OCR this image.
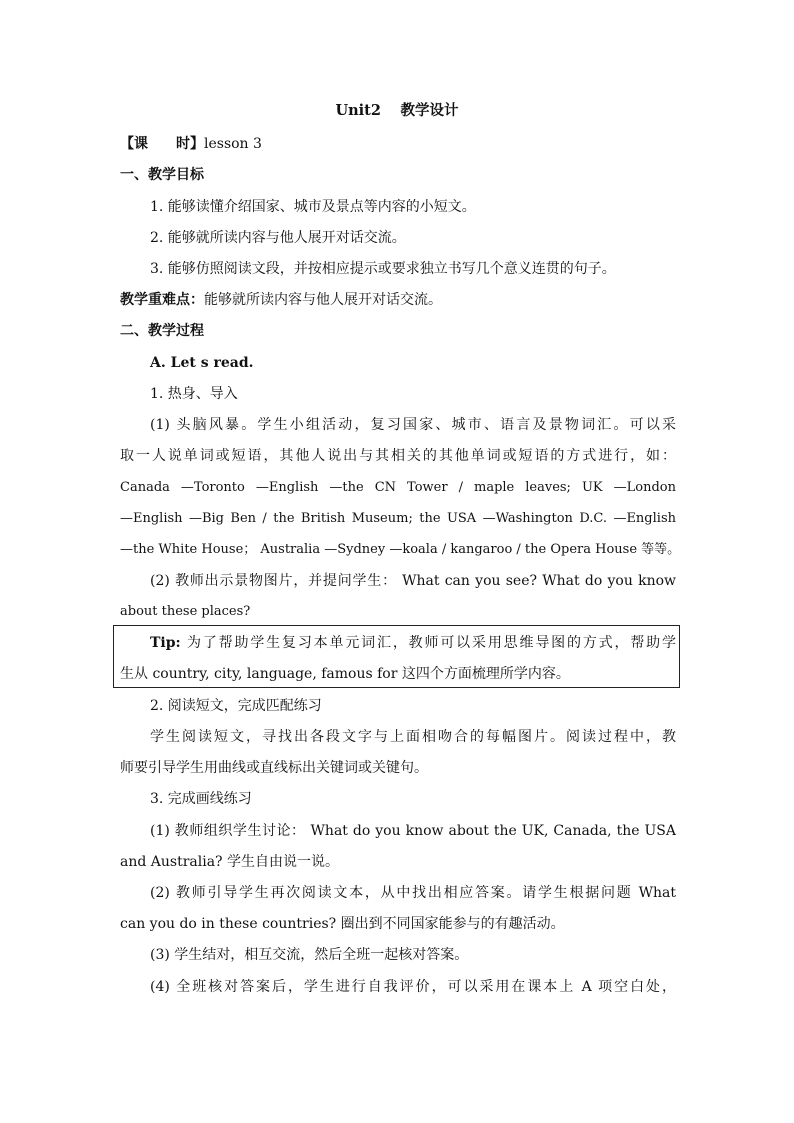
Unit2　 教学设计
【课　　时】lesson 3
一、教学目标
1. 能够读懂介绍国家、城市及景点等内容的小短文。
2. 能够就所读内容与他人展开对话交流。
3. 能够仿照阅读文段，并按相应提示或要求独立书写几个意义连贯的句子。
教学重难点：能够就所读内容与他人展开对话交流。
二、教学过程
A. Let s read.
1. 热身、导入
(1) 头脑风暴。学生小组活动，复习国家、城市、语言及景物词汇。可以采
取一人说单词或短语，其他人说出与其相关的其他单词或短语的方式进行，如：
Canada —Toronto —English —the CN Tower / maple leaves; UK —London
—English —Big Ben / the British Museum; the USA —Washington D.C. —English
—the White House； Australia —Sydney —koala / kangaroo / the Opera House 等等。
(2) 教师出示景物图片，并提问学生： What can you see? What do you know
about these places?
Tip: 为了帮助学生复习本单元词汇，教师可以采用思维导图的方式，帮助学
生从 country, city, language, famous for 这四个方面梳理所学内容。
2. 阅读短文，完成匹配练习
学生阅读短文，寻找出各段文字与上面相吻合的每幅图片。阅读过程中，教
师要引导学生用曲线或直线标出关键词或关键句。
3. 完成画线练习
(1) 教师组织学生讨论： What do you know about the UK, Canada, the USA
and Australia? 学生自由说一说。
(2) 教师引导学生再次阅读文本，从中找出相应答案。请学生根据问题 What
can you do in these countries? 圈出到不同国家能参与的有趣活动。
(3) 学生结对，相互交流，然后全班一起核对答案。
(4) 全班核对答案后，学生进行自我评价，可以采用在课本上 A 项空白处，
